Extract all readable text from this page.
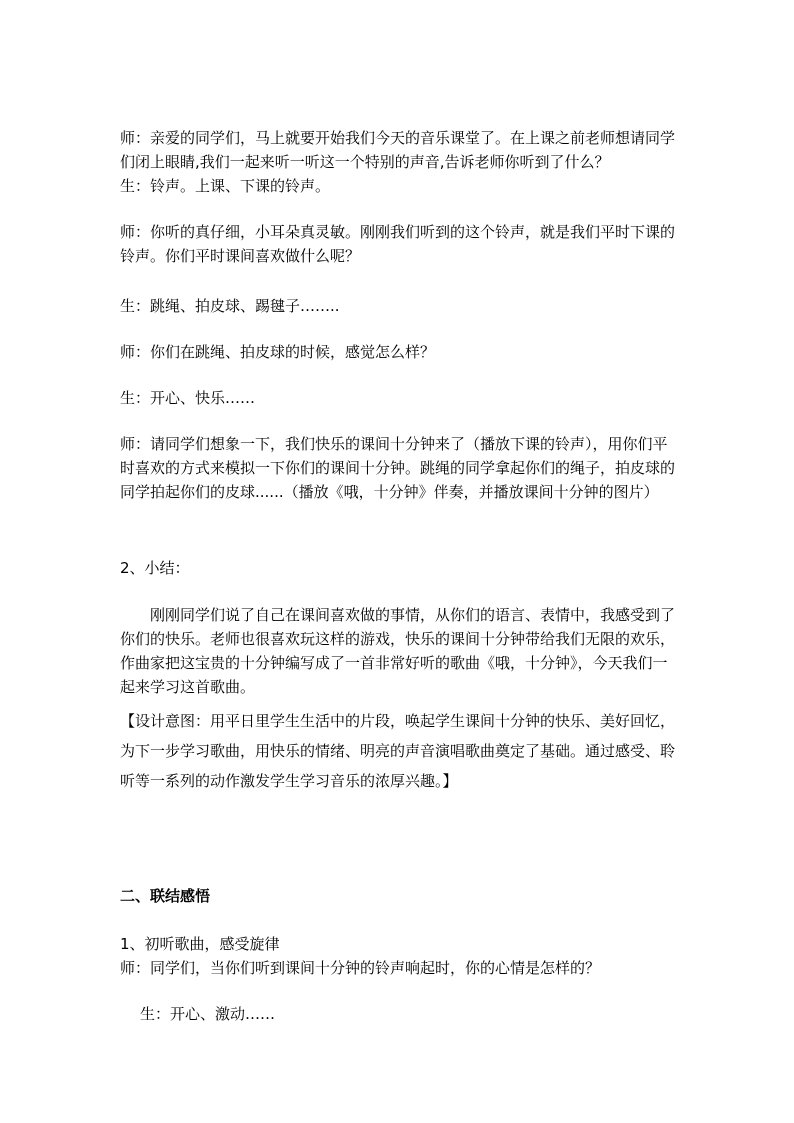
师：亲爱的同学们，马上就要开始我们今天的音乐课堂了。在上课之前老师想请同学们闭上眼睛,我们一起来听一听这一个特别的声音,告诉老师你听到了什么？

生：铃声。上课、下课的铃声。

师：你听的真仔细，小耳朵真灵敏。刚刚我们听到的这个铃声，就是我们平时下课的铃声。你们平时课间喜欢做什么呢？

生：跳绳、拍皮球、踢毽子……..

师：你们在跳绳、拍皮球的时候，感觉怎么样？

生：开心、快乐……

师：请同学们想象一下，我们快乐的课间十分钟来了（播放下课的铃声），用你们平时喜欢的方式来模拟一下你们的课间十分钟。跳绳的同学拿起你们的绳子，拍皮球的同学拍起你们的皮球......（播放《哦，十分钟》伴奏，并播放课间十分钟的图片）

2、小结：

刚刚同学们说了自己在课间喜欢做的事情，从你们的语言、表情中，我感受到了你们的快乐。老师也很喜欢玩这样的游戏，快乐的课间十分钟带给我们无限的欢乐，作曲家把这宝贵的十分钟编写成了一首非常好听的歌曲《哦，十分钟》，今天我们一起来学习这首歌曲。

【设计意图：用平日里学生生活中的片段，唤起学生课间十分钟的快乐、美好回忆，为下一步学习歌曲，用快乐的情绪、明亮的声音演唱歌曲奠定了基础。通过感受、聆听等一系列的动作激发学生学习音乐的浓厚兴趣。】

二、联结感悟

1、初听歌曲，感受旋律

师：同学们，当你们听到课间十分钟的铃声响起时，你的心情是怎样的？

生：开心、激动……
